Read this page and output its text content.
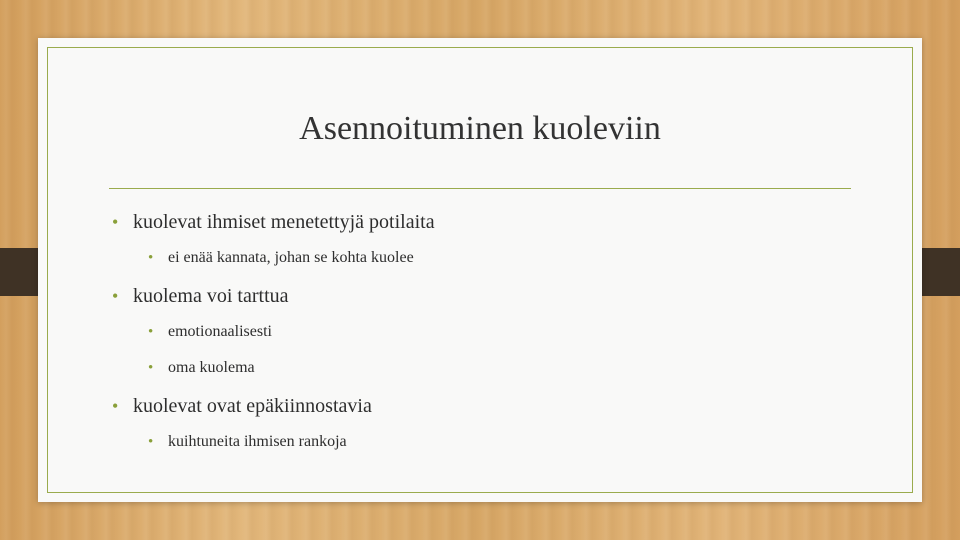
Asennoituminen kuoleviin
• kuolevat ihmiset menetettyjä potilaita
• ei enää kannata, johan se kohta kuolee
• kuolema voi tarttua
• emotionaalisesti
• oma kuolema
• kuolevat ovat epäkiinnostavia
• kuihtuneita ihmisen rankoja
